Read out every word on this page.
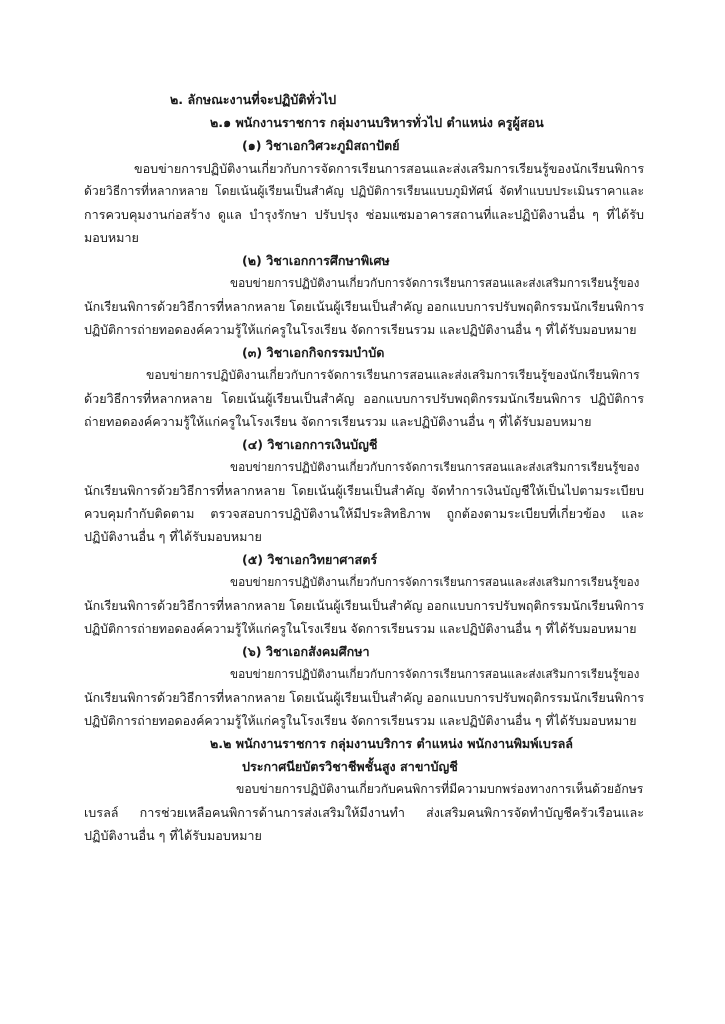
๒. ลักษณะงานที่จะปฏิบัติทั่วไป
๒.๑ พนักงานราชการ กลุ่มงานบริหารทั่วไป ตำแหน่ง ครูผู้สอน
(๑) วิชาเอกวิศวะภูมิสถาปัตย์
ขอบข่ายการปฏิบัติงานเกี่ยวกับการจัดการเรียนการสอนและส่งเสริมการเรียนรู้ของนักเรียนพิการ
ด้วยวิธีการที่หลากหลาย โดยเน้นผู้เรียนเป็นสำคัญ ปฏิบัติการเรียนแบบภูมิทัศน์ จัดทำแบบประเมินราคาและ
การควบคุมงานก่อสร้าง ดูแล บำรุงรักษา ปรับปรุง ซ่อมแซมอาคารสถานที่และปฏิบัติงานอื่น ๆ ที่ได้รับ
มอบหมาย
(๒) วิชาเอกการศึกษาพิเศษ
ขอบข่ายการปฏิบัติงานเกี่ยวกับการจัดการเรียนการสอนและส่งเสริมการเรียนรู้ของ
นักเรียนพิการด้วยวิธีการที่หลากหลาย โดยเน้นผู้เรียนเป็นสำคัญ ออกแบบการปรับพฤติกรรมนักเรียนพิการ
ปฏิบัติการถ่ายทอดองค์ความรู้ให้แก่ครูในโรงเรียน จัดการเรียนรวม และปฏิบัติงานอื่น ๆ ที่ได้รับมอบหมาย
(๓) วิชาเอกกิจกรรมบำบัด
ขอบข่ายการปฏิบัติงานเกี่ยวกับการจัดการเรียนการสอนและส่งเสริมการเรียนรู้ของนักเรียนพิการ
ด้วยวิธีการที่หลากหลาย โดยเน้นผู้เรียนเป็นสำคัญ ออกแบบการปรับพฤติกรรมนักเรียนพิการ ปฏิบัติการ
ถ่ายทอดองค์ความรู้ให้แก่ครูในโรงเรียน จัดการเรียนรวม และปฏิบัติงานอื่น ๆ ที่ได้รับมอบหมาย
(๔) วิชาเอกการเงินบัญชี
ขอบข่ายการปฏิบัติงานเกี่ยวกับการจัดการเรียนการสอนและส่งเสริมการเรียนรู้ของ
นักเรียนพิการด้วยวิธีการที่หลากหลาย โดยเน้นผู้เรียนเป็นสำคัญ จัดทำการเงินบัญชีให้เป็นไปตามระเบียบ
ควบคุมกำกับติดตาม ตรวจสอบการปฏิบัติงานให้มีประสิทธิภาพ ถูกต้องตามระเบียบที่เกี่ยวข้อง และ
ปฏิบัติงานอื่น ๆ ที่ได้รับมอบหมาย
(๕) วิชาเอกวิทยาศาสตร์
ขอบข่ายการปฏิบัติงานเกี่ยวกับการจัดการเรียนการสอนและส่งเสริมการเรียนรู้ของ
นักเรียนพิการด้วยวิธีการที่หลากหลาย โดยเน้นผู้เรียนเป็นสำคัญ ออกแบบการปรับพฤติกรรมนักเรียนพิการ
ปฏิบัติการถ่ายทอดองค์ความรู้ให้แก่ครูในโรงเรียน จัดการเรียนรวม และปฏิบัติงานอื่น ๆ ที่ได้รับมอบหมาย
(๖) วิชาเอกสังคมศึกษา
ขอบข่ายการปฏิบัติงานเกี่ยวกับการจัดการเรียนการสอนและส่งเสริมการเรียนรู้ของ
นักเรียนพิการด้วยวิธีการที่หลากหลาย โดยเน้นผู้เรียนเป็นสำคัญ ออกแบบการปรับพฤติกรรมนักเรียนพิการ
ปฏิบัติการถ่ายทอดองค์ความรู้ให้แก่ครูในโรงเรียน จัดการเรียนรวม และปฏิบัติงานอื่น ๆ ที่ได้รับมอบหมาย
๒.๒ พนักงานราชการ กลุ่มงานบริการ ตำแหน่ง พนักงานพิมพ์เบรลล์
ประกาศนียบัตรวิชาชีพชั้นสูง สาขาบัญชี
ขอบข่ายการปฏิบัติงานเกี่ยวกับคนพิการที่มีความบกพร่องทางการเห็นด้วยอักษร
เบรลล์ การช่วยเหลือคนพิการด้านการส่งเสริมให้มีงานทำ ส่งเสริมคนพิการจัดทำบัญชีครัวเรือนและ
ปฏิบัติงานอื่น ๆ ที่ได้รับมอบหมาย
